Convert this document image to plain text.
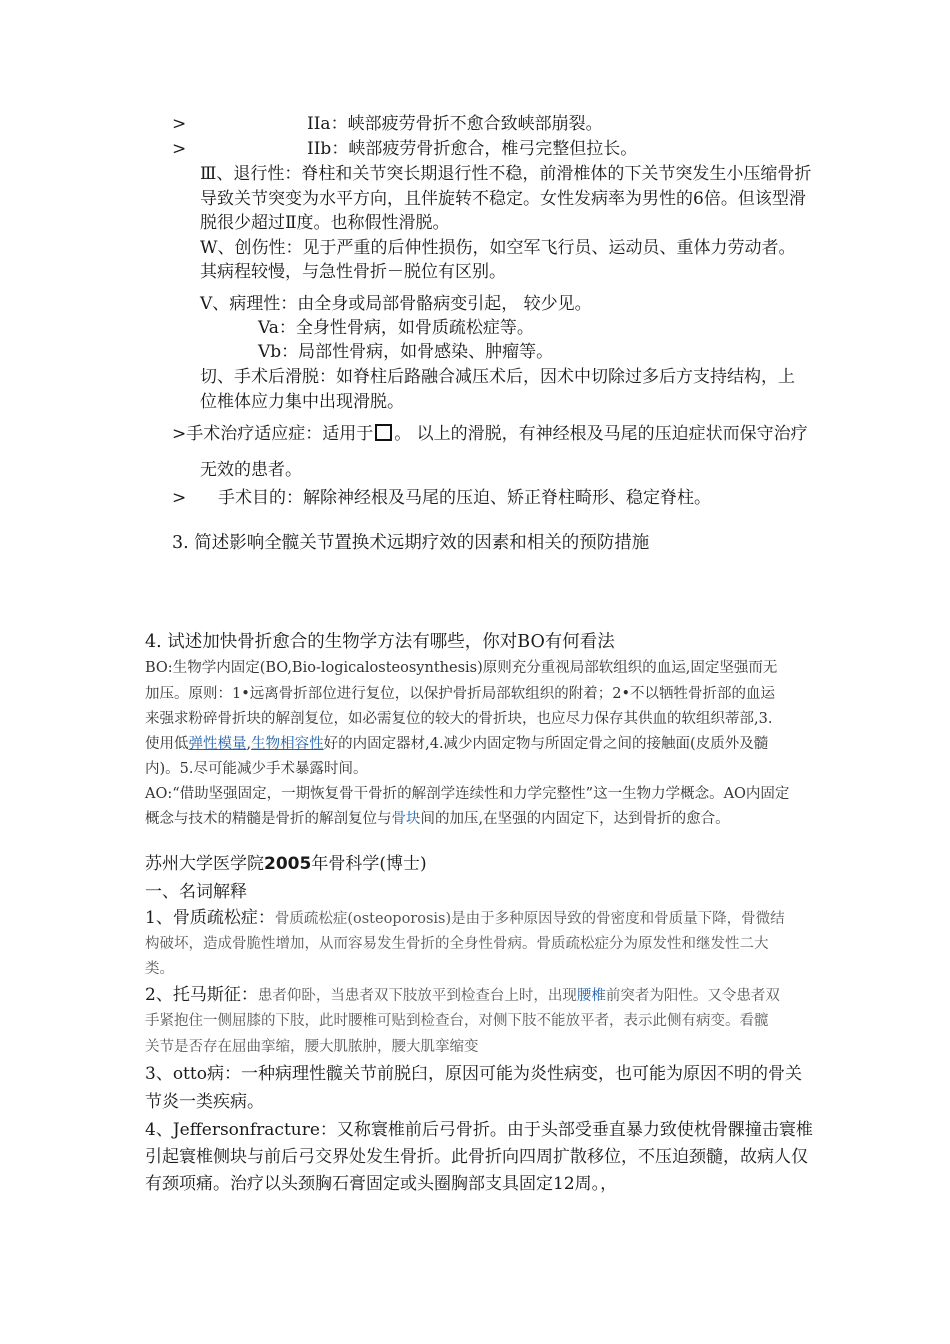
>	IIa：峡部疲劳骨折不愈合致峡部崩裂。
>	IIb：峡部疲劳骨折愈合，椎弓完整但拉长。
Ⅲ、退行性：脊柱和关节突长期退行性不稳，前滑椎体的下关节突发生小压缩骨折
导致关节突变为水平方向，且伴旋转不稳定。女性发病率为男性的6倍。但该型滑
脱很少超过Ⅱ度。也称假性滑脱。
W、创伤性：见于严重的后伸性损伤，如空军飞行员、运动员、重体力劳动者。
其病程较慢，与急性骨折－脱位有区别。
V、病理性：由全身或局部骨骼病变引起， 较少见。
Va：全身性骨病，如骨质疏松症等。
Vb：局部性骨病，如骨感染、肿瘤等。
切、手术后滑脱：如脊柱后路融合减压术后，因术中切除过多后方支持结构，上
位椎体应力集中出现滑脱。
>手术治疗适应症：适用于 。 以上的滑脱，有神经根及马尾的压迫症状而保守治疗
无效的患者。
> 手术目的：解除神经根及马尾的压迫、矫正脊柱畸形、稳定脊柱。
3. 简述影响全髋关节置换术远期疗效的因素和相关的预防措施
4. 试述加快骨折愈合的生物学方法有哪些，你对BO有何看法
BO:生物学内固定(BO,Bio-logicalosteosynthesis)原则充分重视局部软组织的血运,固定坚强而无
加压。原则：1•远离骨折部位进行复位，以保护骨折局部软组织的附着；2•不以牺牲骨折部的血运
来强求粉碎骨折块的解剖复位，如必需复位的较大的骨折块，也应尽力保存其供血的软组织蒂部,3.
使用低弹性模量,生物相容性好的内固定器材,4.减少内固定物与所固定骨之间的接触面(皮质外及髓
内)。5.尽可能减少手术暴露时间。
AO:“借助坚强固定，一期恢复骨干骨折的解剖学连续性和力学完整性”这一生物力学概念。AO内固定
概念与技术的精髓是骨折的解剖复位与骨块间的加压,在坚强的内固定下，达到骨折的愈合。
苏州大学医学院2005年骨科学(博士)
一、名词解释
1、骨质疏松症：骨质疏松症(osteoporosis)是由于多种原因导致的骨密度和骨质量下降，骨微结
构破坏，造成骨脆性增加，从而容易发生骨折的全身性骨病。骨质疏松症分为原发性和继发性二大
类。
2、托马斯征：患者仰卧，当患者双下肢放平到检查台上时，出现腰椎前突者为阳性。又令患者双
手紧抱住一侧屈膝的下肢，此时腰椎可贴到检查台，对侧下肢不能放平者，表示此侧有病变。看髋
关节是否存在屈曲挛缩，腰大肌脓肿，腰大肌挛缩变
3、otto病：一种病理性髋关节前脱臼，原因可能为炎性病变，也可能为原因不明的骨关
节炎一类疾病。
4、Jeffersonfracture：又称寰椎前后弓骨折。由于头部受垂直暴力致使枕骨髁撞击寰椎
引起寰椎侧块与前后弓交界处发生骨折。此骨折向四周扩散移位，不压迫颈髓，故病人仅
有颈项痛。治疗以头颈胸石膏固定或头圈胸部支具固定12周。，
